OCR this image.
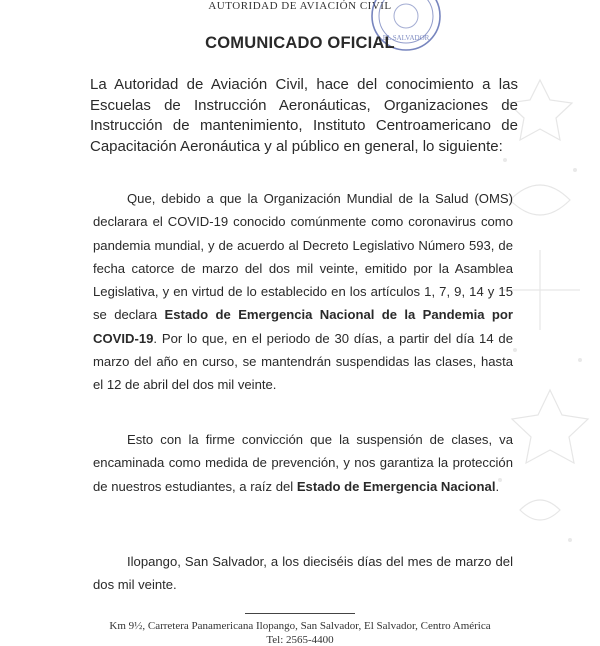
AUTORIDAD DE AVIACIÓN CIVIL
EL SALVADOR
COMUNICADO OFICIAL

La Autoridad de Aviación Civil, hace del conocimiento a las Escuelas de Instrucción Aeronáuticas, Organizaciones de Instrucción de mantenimiento, Instituto Centroamericano de Capacitación Aeronáutica y al público en general, lo siguiente:

Que, debido a que la Organización Mundial de la Salud (OMS) declarara el COVID-19 conocido comúnmente como coronavirus como pandemia mundial, y de acuerdo al Decreto Legislativo Número 593, de fecha catorce de marzo del dos mil veinte, emitido por la Asamblea Legislativa, y en virtud de lo establecido en los artículos 1, 7, 9, 14 y 15 se declara Estado de Emergencia Nacional de la Pandemia por COVID-19. Por lo que, en el periodo de 30 días, a partir del día 14 de marzo del año en curso, se mantendrán suspendidas las clases, hasta el 12 de abril del dos mil veinte.

Esto con la firme convicción que la suspensión de clases, va encaminada como medida de prevención, y nos garantiza la protección de nuestros estudiantes, a raíz del Estado de Emergencia Nacional.

Ilopango, San Salvador, a los dieciséis días del mes de marzo del dos mil veinte.

Km 9½, Carretera Panamericana Ilopango, San Salvador, El Salvador, Centro América
Tel: 2565-4400
